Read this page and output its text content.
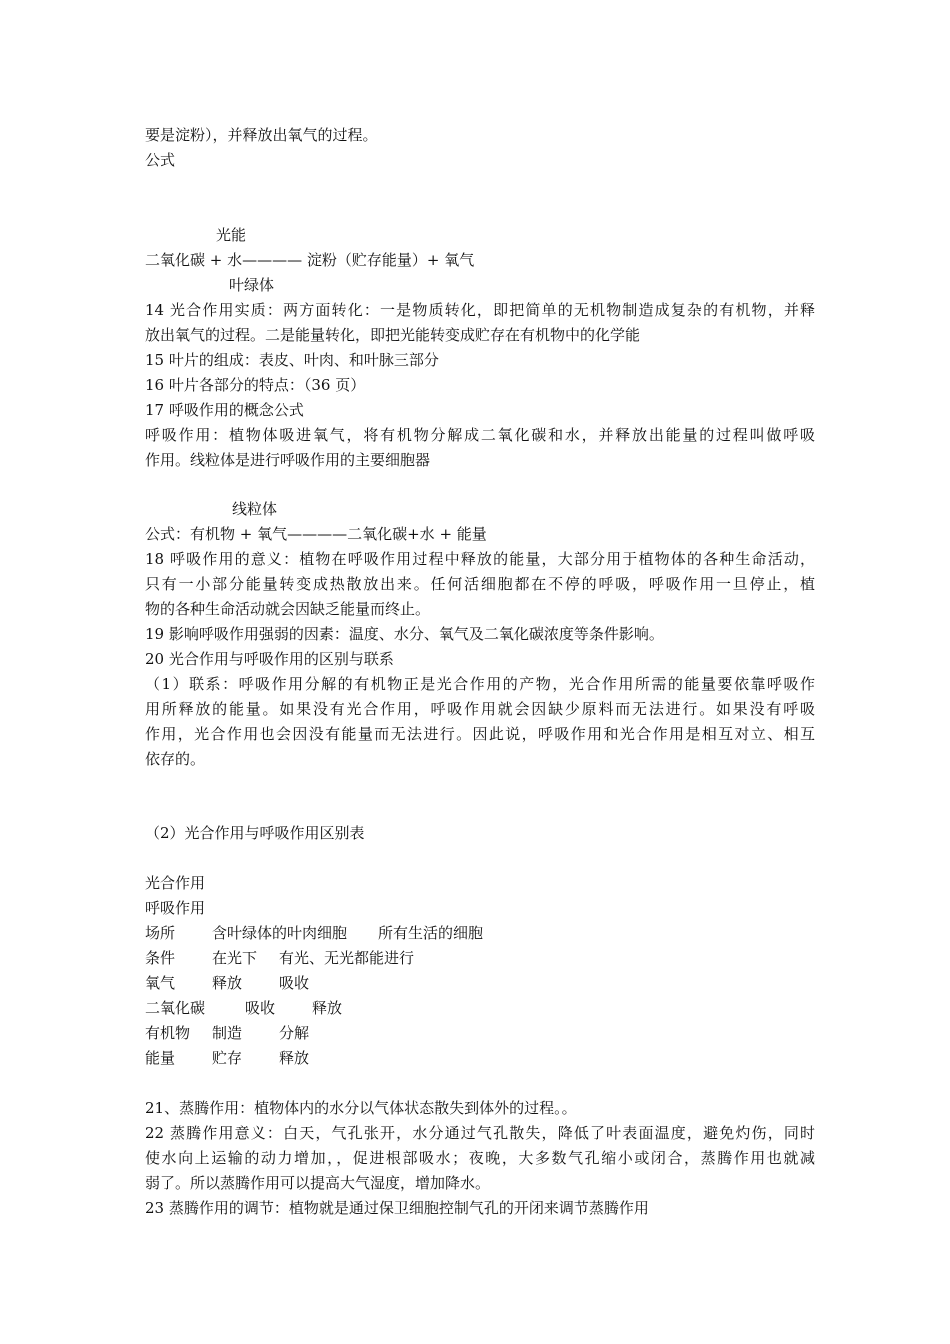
要是淀粉），并释放出氧气的过程。
公式
光能
二氧化碳 + 水———— 淀粉（贮存能量）+ 氧气
叶绿体
14 光合作用实质：两方面转化：一是物质转化，即把简单的无机物制造成复杂的有机物，并释
放出氧气的过程。二是能量转化，即把光能转变成贮存在有机物中的化学能
15 叶片的组成：表皮、叶肉、和叶脉三部分
16 叶片各部分的特点：（36 页）
17 呼吸作用的概念公式
呼吸作用：植物体吸进氧气，将有机物分解成二氧化碳和水，并释放出能量的过程叫做呼吸
作用。线粒体是进行呼吸作用的主要细胞器
线粒体
公式：有机物 + 氧气————二氧化碳+水 + 能量
18 呼吸作用的意义：植物在呼吸作用过程中释放的能量，大部分用于植物体的各种生命活动，
只有一小部分能量转变成热散放出来。任何活细胞都在不停的呼吸，呼吸作用一旦停止，植
物的各种生命活动就会因缺乏能量而终止。
19 影响呼吸作用强弱的因素：温度、水分、氧气及二氧化碳浓度等条件影响。
20 光合作用与呼吸作用的区别与联系
（1）联系：呼吸作用分解的有机物正是光合作用的产物，光合作用所需的能量要依靠呼吸作
用所释放的能量。如果没有光合作用，呼吸作用就会因缺少原料而无法进行。如果没有呼吸
作用，光合作用也会因没有能量而无法进行。因此说，呼吸作用和光合作用是相互对立、相互
依存的。
（2）光合作用与呼吸作用区别表
光合作用
呼吸作用
场所 含叶绿体的叶肉细胞 所有生活的细胞
条件 在光下 有光、无光都能进行
氧气 释放 吸收
二氧化碳	吸收 释放
有机物 制造 分解
能量 贮存 释放
21、蒸腾作用：植物体内的水分以气体状态散失到体外的过程。。
22 蒸腾作用意义：白天，气孔张开，水分通过气孔散失，降低了叶表面温度，避免灼伤，同时
使水向上运输的动力增加，，促进根部吸水；夜晚，大多数气孔缩小或闭合，蒸腾作用也就减
弱了。所以蒸腾作用可以提高大气湿度，增加降水。
23 蒸腾作用的调节：植物就是通过保卫细胞控制气孔的开闭来调节蒸腾作用
